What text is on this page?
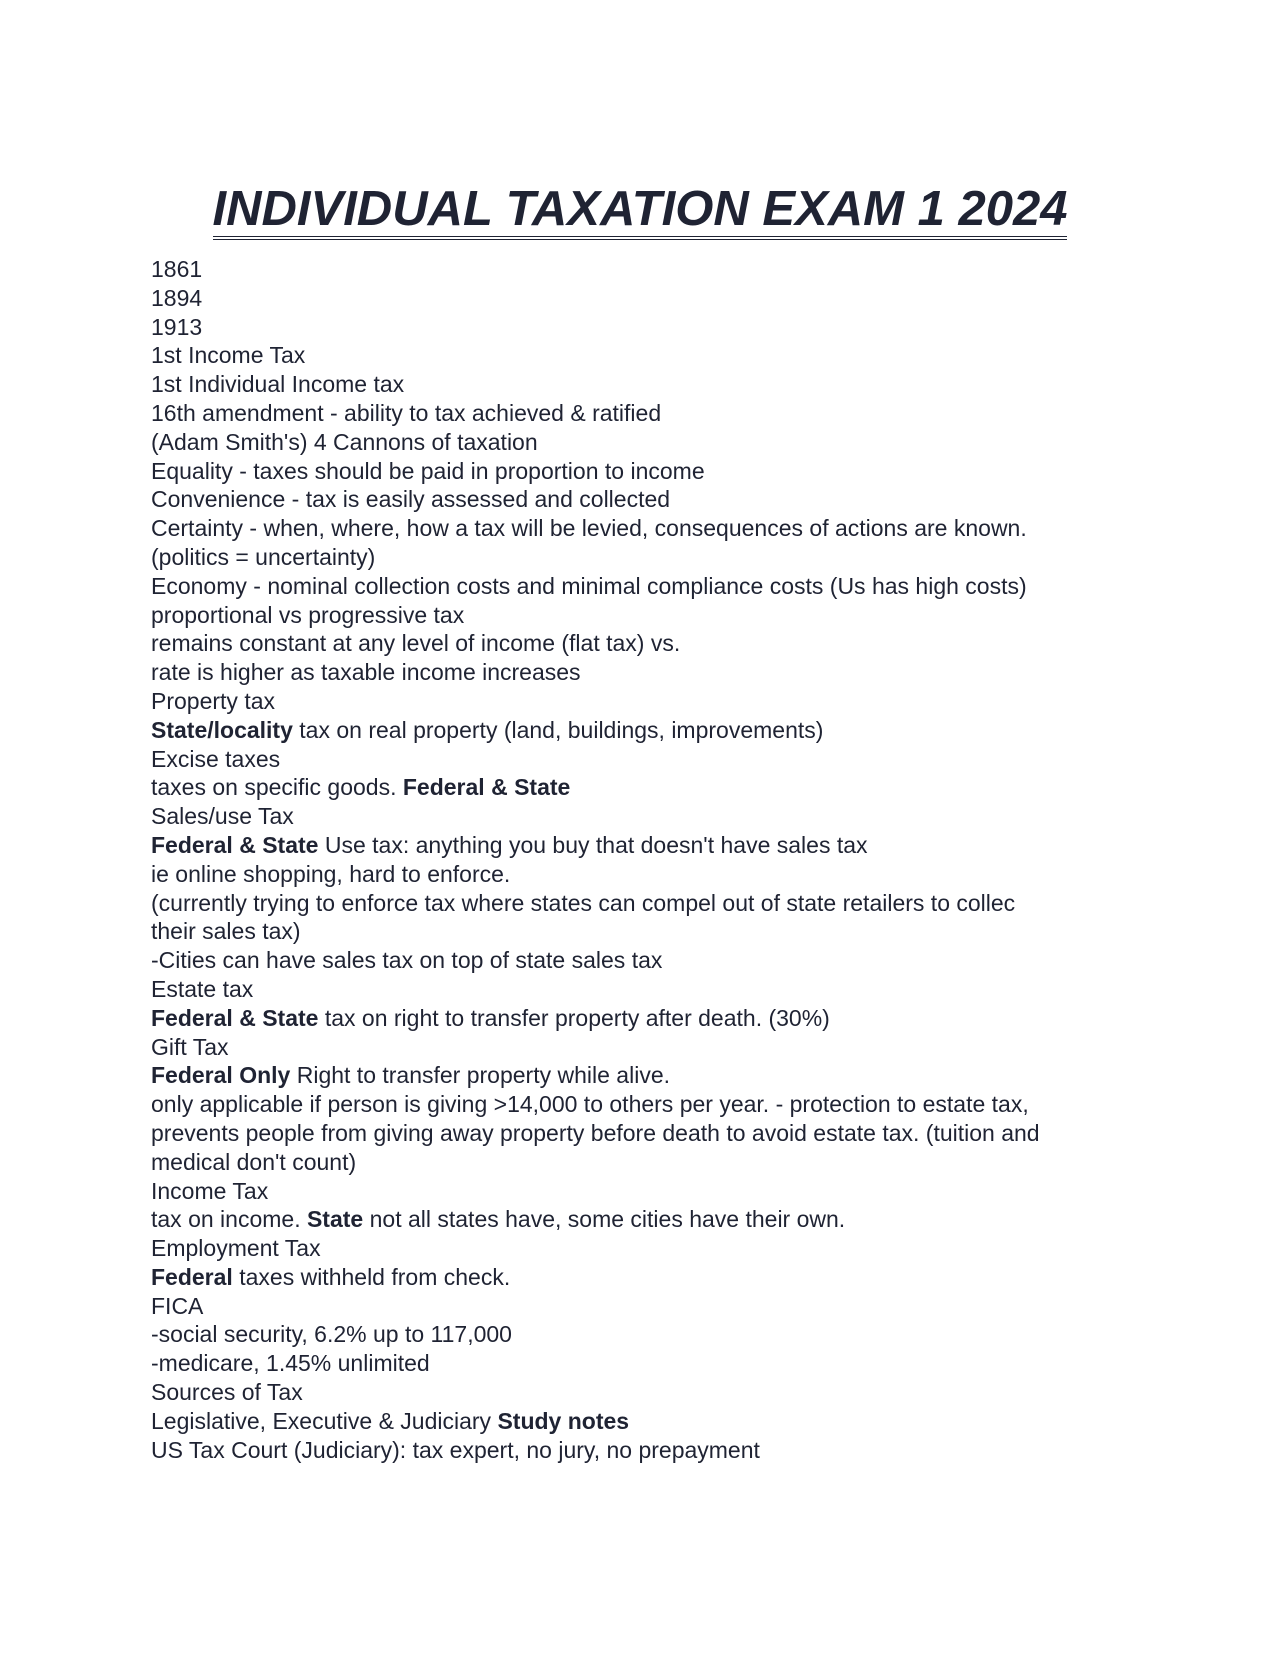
INDIVIDUAL TAXATION EXAM 1 2024
1861
1894
1913
1st Income Tax
1st Individual Income tax
16th amendment - ability to tax achieved & ratified
(Adam Smith's) 4 Cannons of taxation
Equality - taxes should be paid in proportion to income
Convenience - tax is easily assessed and collected
Certainty - when, where, how a tax will be levied, consequences of actions are known.
(politics = uncertainty)
Economy - nominal collection costs and minimal compliance costs (Us has high costs)
proportional vs progressive tax
remains constant at any level of income (flat tax) vs.
rate is higher as taxable income increases
Property tax
State/locality tax on real property (land, buildings, improvements)
Excise taxes
taxes on specific goods. Federal & State
Sales/use Tax
Federal & State Use tax: anything you buy that doesn't have sales tax
ie online shopping, hard to enforce.
(currently trying to enforce tax where states can compel out of state retailers to collec
their sales tax)
-Cities can have sales tax on top of state sales tax
Estate tax
Federal & State tax on right to transfer property after death. (30%)
Gift Tax
Federal Only Right to transfer property while alive.
only applicable if person is giving >14,000 to others per year. - protection to estate tax,
prevents people from giving away property before death to avoid estate tax. (tuition and
medical don't count)
Income Tax
tax on income. State not all states have, some cities have their own.
Employment Tax
Federal taxes withheld from check.
FICA
-social security, 6.2% up to 117,000
-medicare, 1.45% unlimited
Sources of Tax
Legislative, Executive & Judiciary Study notes
US Tax Court (Judiciary): tax expert, no jury, no prepayment
